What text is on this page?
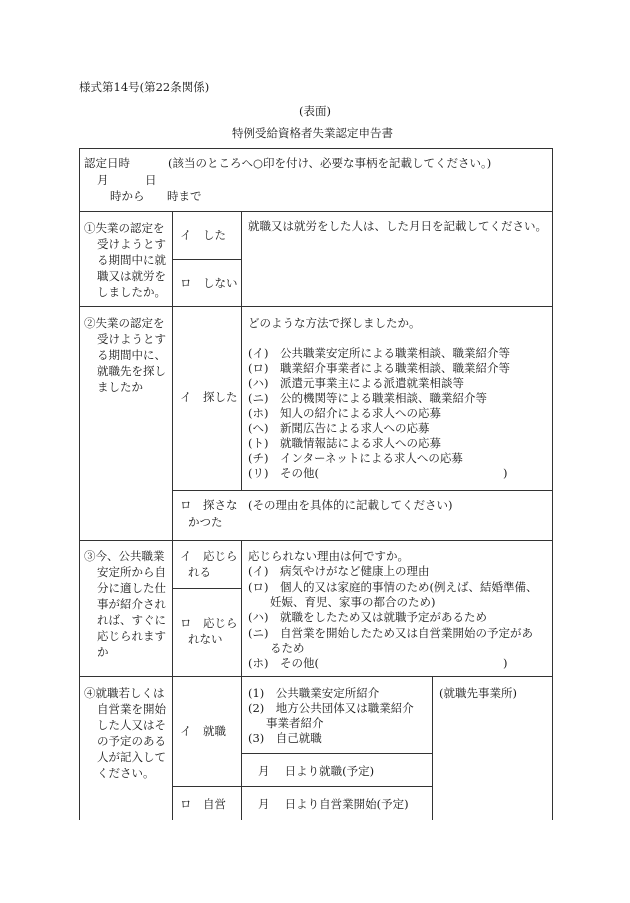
様式第14号(第22条関係)
(表面)
特例受給資格者失業認定申告書
認定日時	(該当のところへ○印を付け、必要な事柄を記載してください。)
月	日
時から 時まで
①失業の認定を
受けようとす
る期間中に就
職又は就労を
しましたか。
イ　した
ロ　しない
就職又は就労をした人は、した月日を記載してください。
②失業の認定を
受けようとす
る期間中に、
就職先を探し
ましたか
イ　探した
どのような方法で探しましたか。
(イ)　公共職業安定所による職業相談、職業紹介等
(ロ)　職業紹介事業者による職業相談、職業紹介等
(ハ)　派遣元事業主による派遣就業相談等
(ニ)　公的機関等による職業相談、職業紹介等
(ホ)　知人の紹介による求人への応募
(へ)　新聞広告による求人への応募
(ト)　就職情報誌による求人への応募
(チ)　インターネットによる求人への応募
(リ)　その他(　　　　　　　　　　　　　　　　)
ロ　探さな
かつた
(その理由を具体的に記載してください)
③今、公共職業
安定所から自
分に適した仕
事が紹介され
れば、すぐに
応じられます
か
イ　応じら
れる
ロ　応じら
れない
応じられない理由は何ですか。
(イ)　病気やけがなど健康上の理由
(ロ)　個人的又は家庭的事情のため(例えば、結婚準備、
妊娠、育児、家事の都合のため)
(ハ)　就職をしたため又は就職予定があるため
(ニ)　自営業を開始したため又は自営業開始の予定があ
るため
(ホ)　その他(　　　　　　　　　　　　　　　　)
④就職若しくは
自営業を開始
した人又はそ
の予定のある
人が記入して
ください。
イ　就職
ロ　自営
(1)　公共職業安定所紹介
(2)　地方公共団体又は職業紹介
事業者紹介
(3)　自己就職
月　 日より就職(予定)
月　 日より自営業開始(予定)
(就職先事業所)
